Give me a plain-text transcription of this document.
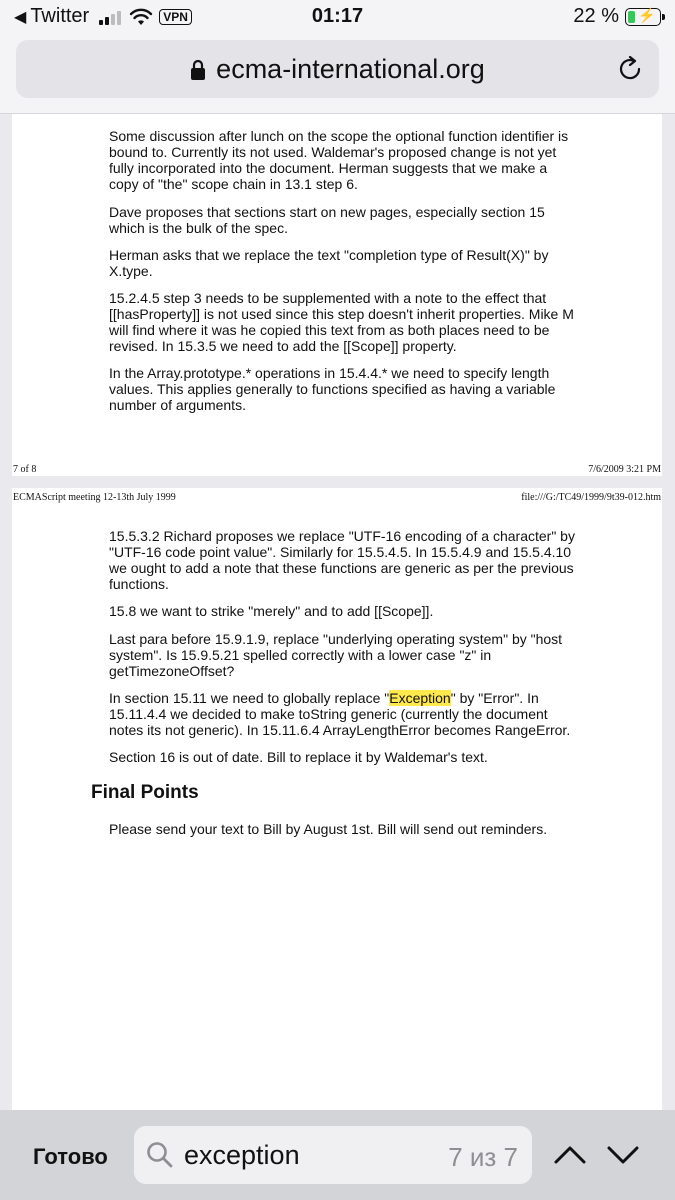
◀ Twitter	VPN	01:17	22 % ⚡
ecma-international.org

Some discussion after lunch on the scope the optional function identifier is bound to. Currently its not used. Waldemar's proposed change is not yet fully incorporated into the document. Herman suggests that we make a copy of "the" scope chain in 13.1 step 6.

Dave proposes that sections start on new pages, especially section 15 which is the bulk of the spec.

Herman asks that we replace the text "completion type of Result(X)" by X.type.

15.2.4.5 step 3 needs to be supplemented with a note to the effect that [[hasProperty]] is not used since this step doesn't inherit properties. Mike M will find where it was he copied this text from as both places need to be revised. In 15.3.5 we need to add the [[Scope]] property.

In the Array.prototype.* operations in 15.4.4.* we need to specify length values. This applies generally to functions specified as having a variable number of arguments.

7 of 8	7/6/2009 3:21 PM
ECMAScript meeting 12-13th July 1999	file:///G:/TC49/1999/9t39-012.htm

15.5.3.2 Richard proposes we replace "UTF-16 encoding of a character" by "UTF-16 code point value". Similarly for 15.5.4.5. In 15.5.4.9 and 15.5.4.10 we ought to add a note that these functions are generic as per the previous functions.

15.8 we want to strike "merely" and to add [[Scope]].

Last para before 15.9.1.9, replace "underlying operating system" by "host system". Is 15.9.5.21 spelled correctly with a lower case "z" in getTimezoneOffset?

In section 15.11 we need to globally replace "Exception" by "Error". In 15.11.4.4 we decided to make toString generic (currently the document notes its not generic). In 15.11.6.4 ArrayLengthError becomes RangeError.

Section 16 is out of date. Bill to replace it by Waldemar's text.

Final Points

Please send your text to Bill by August 1st. Bill will send out reminders.

Готово
exception	7 из 7
